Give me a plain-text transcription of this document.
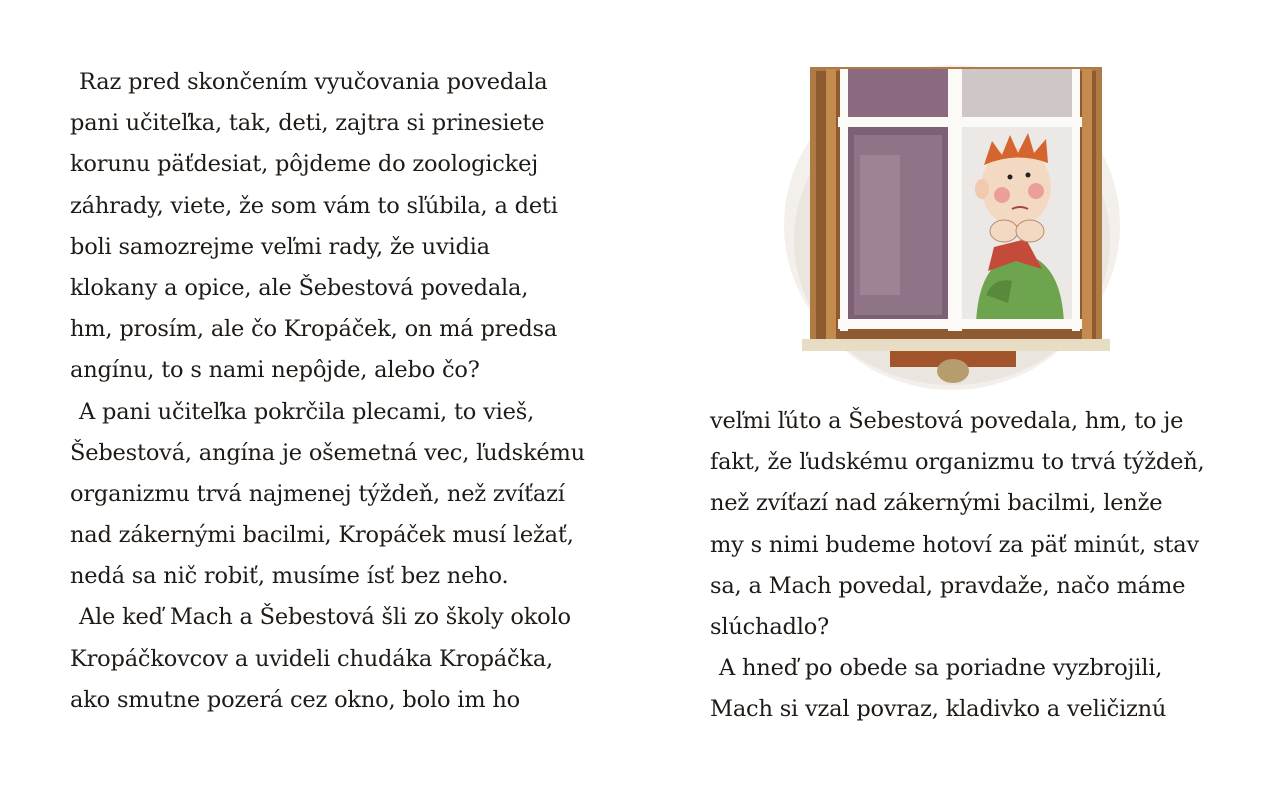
Raz pred skončením vyučovania povedala
pani učiteľka, tak, deti, zajtra si prinesiete
korunu päťdesiat, pôjdeme do zoologickej
záhrady, viete, že som vám to sľúbila, a deti
boli samozrejme veľmi rady, že uvidia
klokany a opice, ale Šebestová povedala,
hm, prosím, ale čo Kropáček, on má predsa
angínu, to s nami nepôjde, alebo čo?
A pani učiteľka pokrčila plecami, to vieš,
Šebestová, angína je ošemetná vec, ľudskému
organizmu trvá najmenej týždeň, než zvíťazí
nad zákernými bacilmi, Kropáček musí ležať,
nedá sa nič robiť, musíme ísť bez neho.
Ale keď Mach a Šebestová šli zo školy okolo
Kropáčkovcov a uvideli chudáka Kropáčka,
ako smutne pozerá cez okno, bolo im ho
veľmi ľúto a Šebestová povedala, hm, to je
fakt, že ľudskému organizmu to trvá týždeň,
než zvíťazí nad zákernými bacilmi, lenže
my s nimi budeme hotoví za päť minút, stav
sa, a Mach povedal, pravdaže, načo máme
slúchadlo?
A hneď po obede sa poriadne vyzbrojili,
Mach si vzal povraz, kladivko a veličiznú
